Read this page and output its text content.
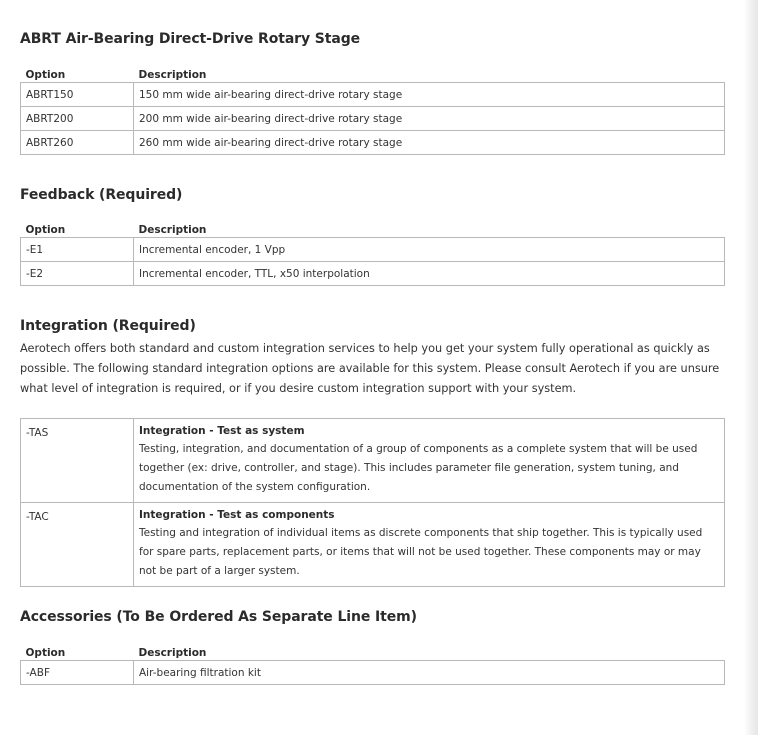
ABRT Air-Bearing Direct-Drive Rotary Stage
Option	Description
ABRT150	150 mm wide air-bearing direct-drive rotary stage
ABRT200	200 mm wide air-bearing direct-drive rotary stage
ABRT260	260 mm wide air-bearing direct-drive rotary stage
Feedback (Required)
Option	Description
-E1	Incremental encoder, 1 Vpp
-E2	Incremental encoder, TTL, x50 interpolation
Integration (Required)

Aerotech offers both standard and custom integration services to help you get your system fully operational as quickly as possible. The following standard integration options are available for this system. Please consult Aerotech if you are unsure what level of integration is required, or if you desire custom integration support with your system.

-TAS	Integration - Test as system
Testing, integration, and documentation of a group of components as a complete system that will be used together (ex: drive, controller, and stage). This includes parameter file generation, system tuning, and documentation of the system configuration.

-TAC	Integration - Test as components
Testing and integration of individual items as discrete components that ship together. This is typically used for spare parts, replacement parts, or items that will not be used together. These components may or may not be part of a larger system.
Accessories (To Be Ordered As Separate Line Item)
Option	Description
-ABF	Air-bearing filtration kit
